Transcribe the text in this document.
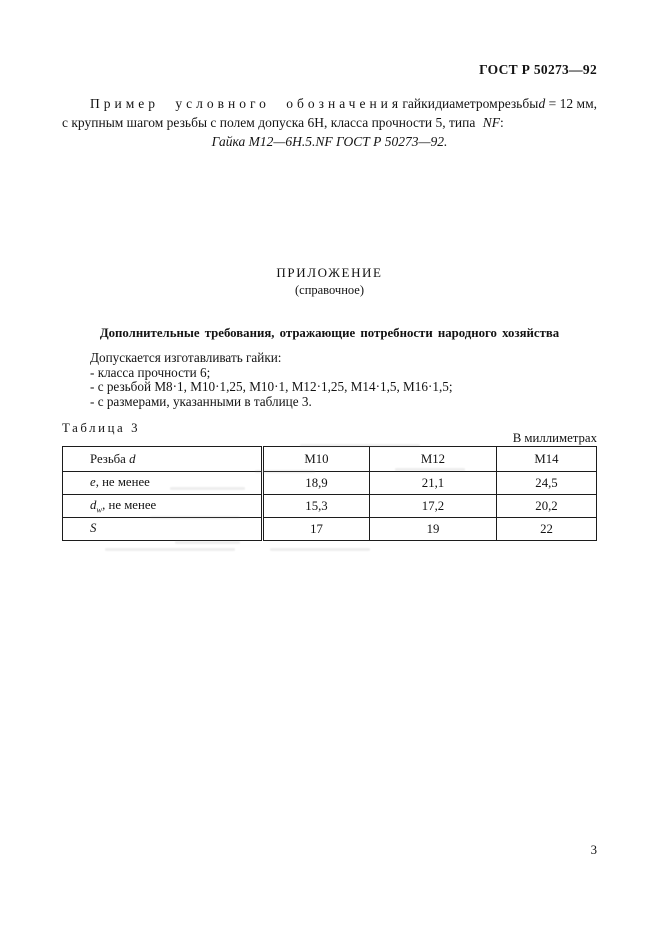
ГОСТ Р 50273—92
Пример условного обозначения гайки диаметром резьбы d = 12 мм,
с крупным шагом резьбы с полем допуска 6Н, класса прочности 5, типа NF:
Гайка М12—6Н.5.NF ГОСТ Р 50273—92.
ПРИЛОЖЕНИЕ
(справочное)
Дополнительные требования, отражающие потребности народного хозяйства
Допускается изготавливать гайки:
- класса прочности 6;
- с резьбой М8·1, М10·1,25, М10·1, М12·1,25, М14·1,5, М16·1,5;
- с размерами, указанными в таблице 3.
Таблица 3
В миллиметрах
Резьба d	М10	М12	М14
e, не менее	18,9	21,1	24,5
$d_w$, не менее	15,3	17,2	20,2
S	17	19	22
3
